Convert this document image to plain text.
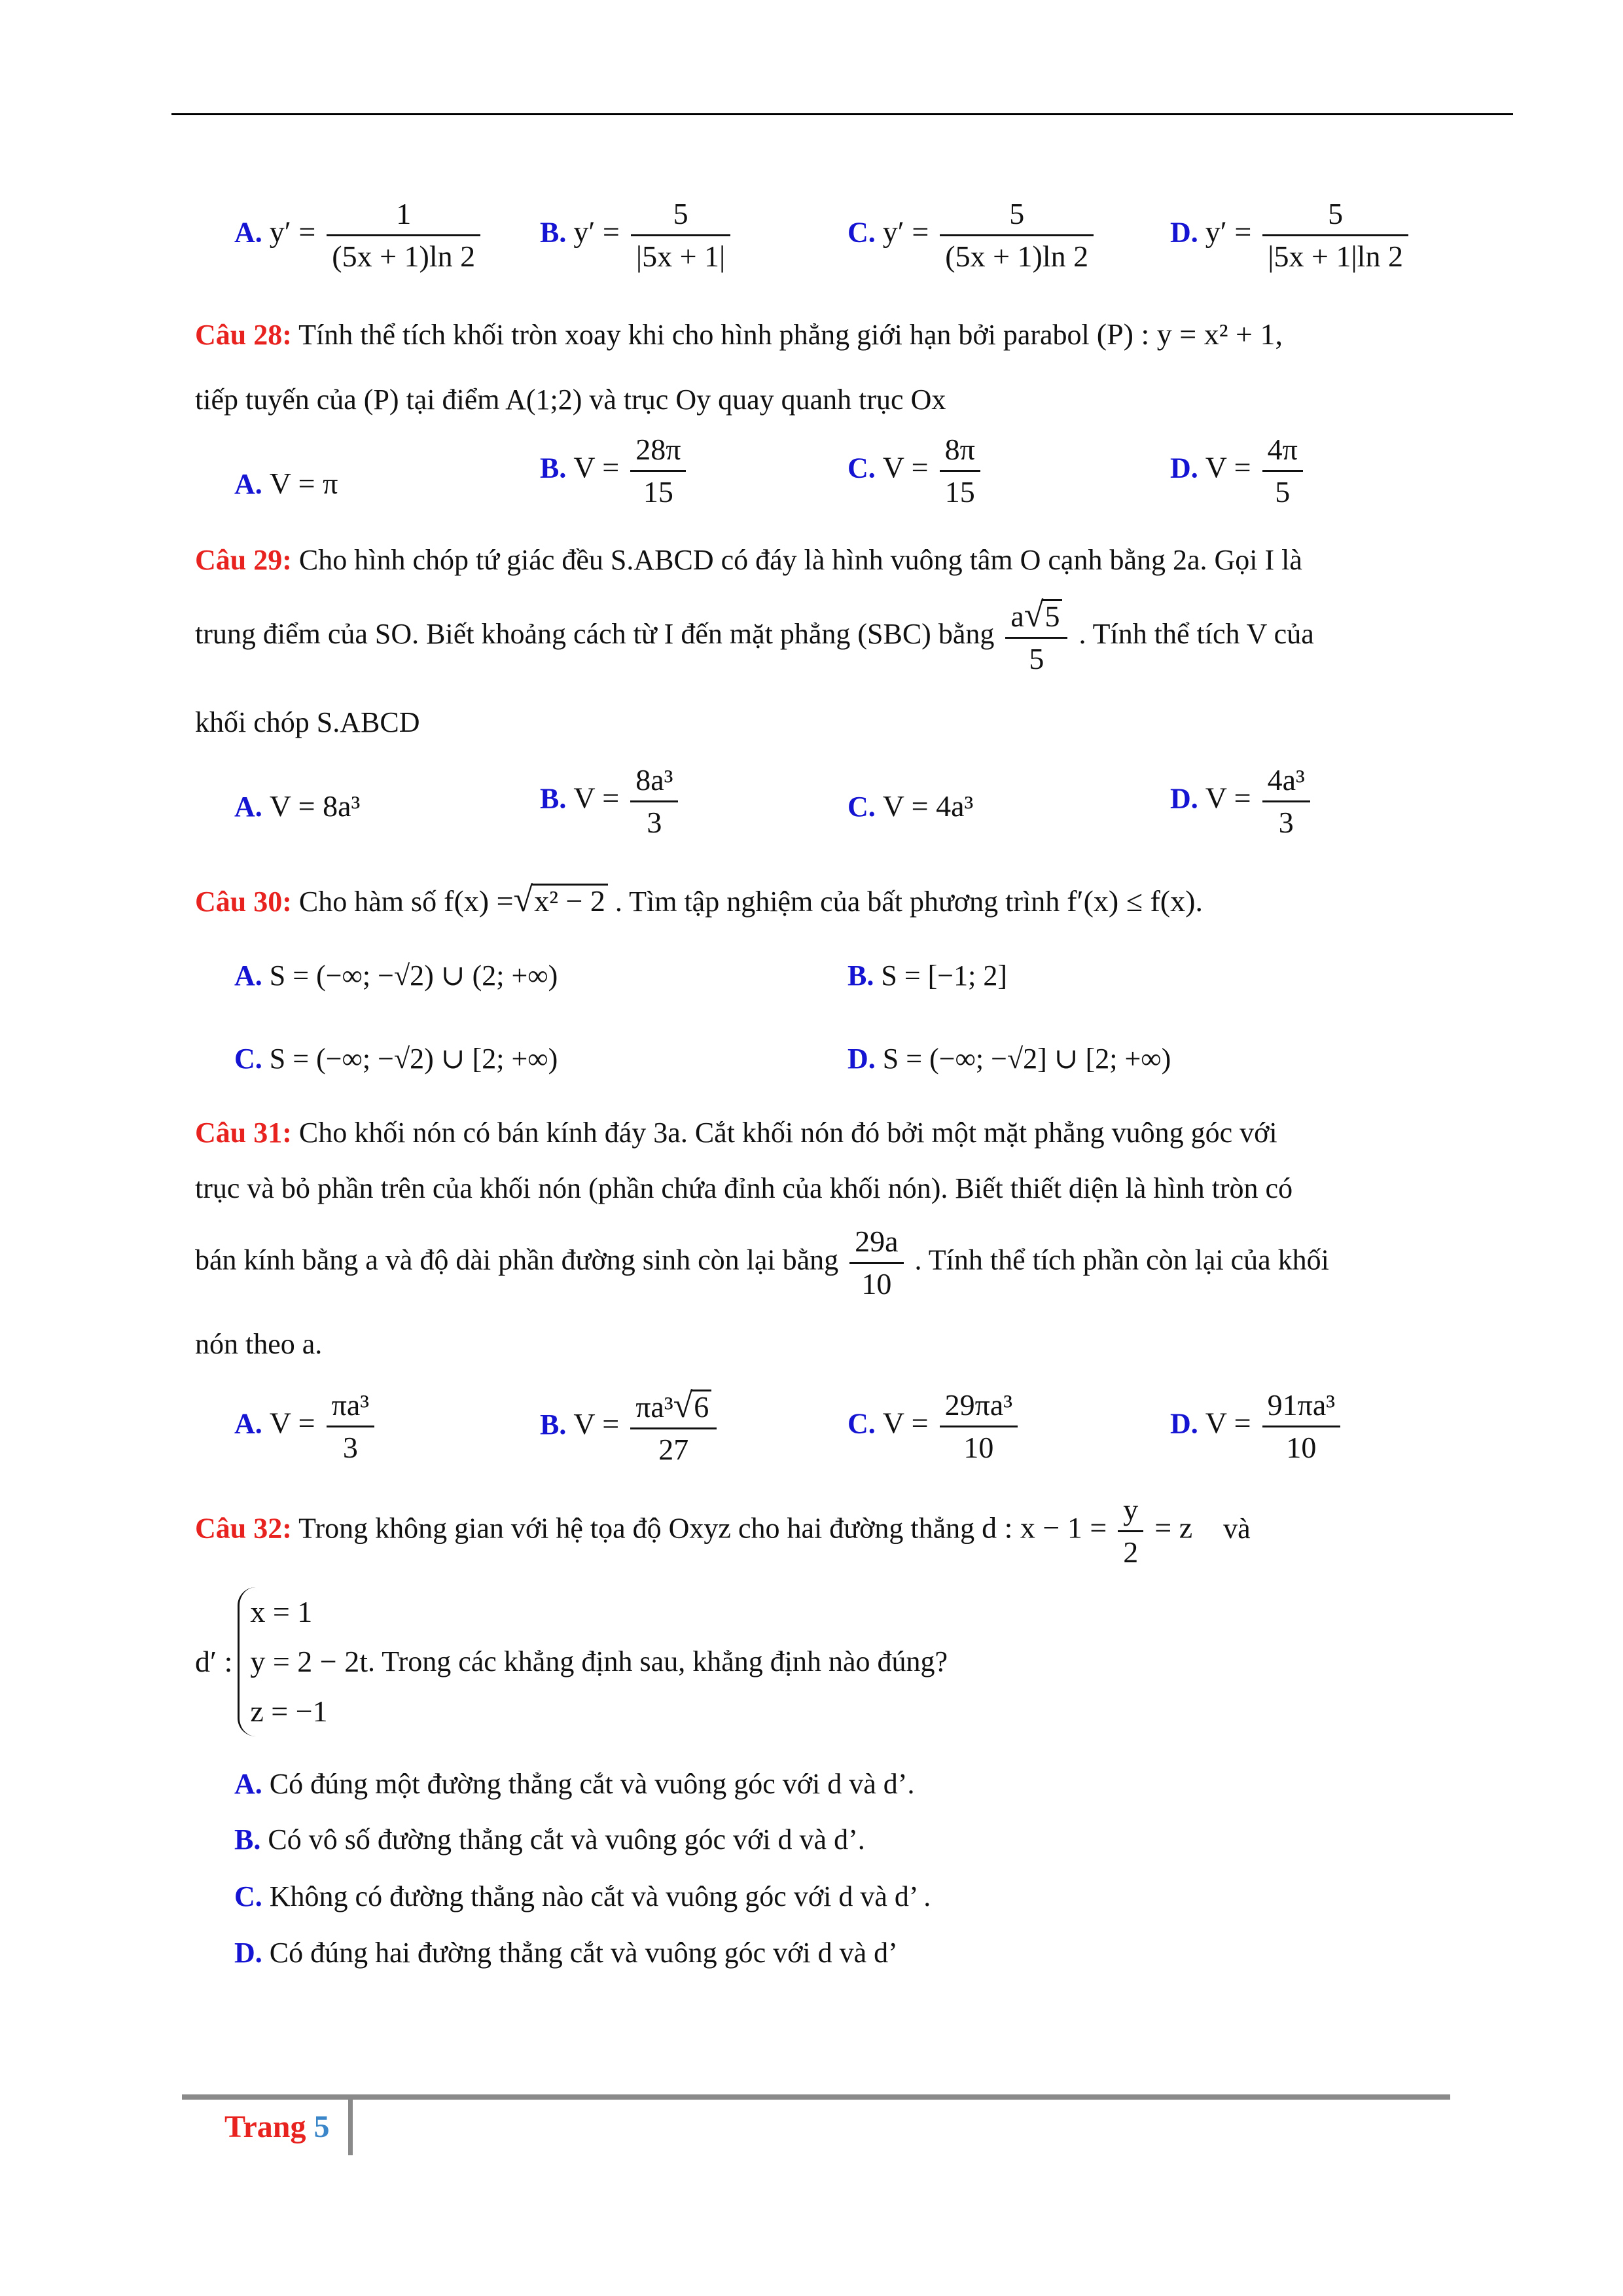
A. $y' = \frac{1}{(5x + 1)\ln 2} B$. $y' = \frac{5}{|5x + 1|}$	C. $y' = \frac{5}{(5x + 1)\ln 2}$	D. $y' = \frac{5}{|5x + 1|\ln 2}$
Câu 28: Tính thể tích khối tròn xoay khi cho hình phẳng giới hạn bởi parabol (P) : y = x² + 1,
tiếp tuyến của (P) tại điểm A(1;2) và trục Oy quay quanh trục Ox
A. V = π	B. $V = \frac{28\pi}{15}$	C. $V = \frac{8\pi}{15}$	D. $V = \frac{4\pi}{5}$
Câu 29: Cho hình chóp tứ giác đều S.ABCD có đáy là hình vuông tâm O cạnh bằng 2a. Gọi I là
trung điểm của SO. Biết khoảng cách từ I đến mặt phẳng (SBC) bằng $\frac{a√5}{5}$ . Tính thể tích V của
khối chóp S.ABCD
A. V = 8a³	B. $V = \frac{\text{8a³}}{3}$	C. V = 4a³	D. $V = \frac{\text{4a³}}{3}$
Câu 30: Cho hàm số f(x) =√x² − 2 . Tìm tập nghiệm của bất phương trình f′(x) ≤ f(x).
A. S = (−∞; −√2) ∪ (2; +∞)	B. S = [−1; 2]
C. S = (−∞; −√2) ∪ [2; +∞)	D. S = (−∞; −√2] ∪ [2; +∞)
Câu 31: Cho khối nón có bán kính đáy 3a. Cắt khối nón đó bởi một mặt phẳng vuông góc với
trục và bỏ phần trên của khối nón (phần chứa đỉnh của khối nón). Biết thiết diện là hình tròn có
bán kính bằng a và độ dài phần đường sinh còn lại bằng $\frac{29a}{10}$ . Tính thể tích phần còn lại của khối
nón theo a.
A. $V = \frac{\text{πa³}}{3}$	B. $V = \frac{\text{πa³√6}}{27}$	C. $V = \frac{\text{29πa³}}{10}$	D. $V = \frac{\text{91πa³}}{10}$
Câu 32: Trong không gian với hệ tọa độ Oxyz cho hai đường thẳng d : $x - 1 = \frac{y}{2} = z$ và
d′ :
x = 1
y = 2 − 2t
z = −1
. Trong các khẳng định sau, khẳng định nào đúng?
A. Có đúng một đường thẳng cắt và vuông góc với d và d’.
B. Có vô số đường thẳng cắt và vuông góc với d và d’.
C. Không có đường thẳng nào cắt và vuông góc với d và d’ .
D. Có đúng hai đường thẳng cắt và vuông góc với d và d’
Trang 5
